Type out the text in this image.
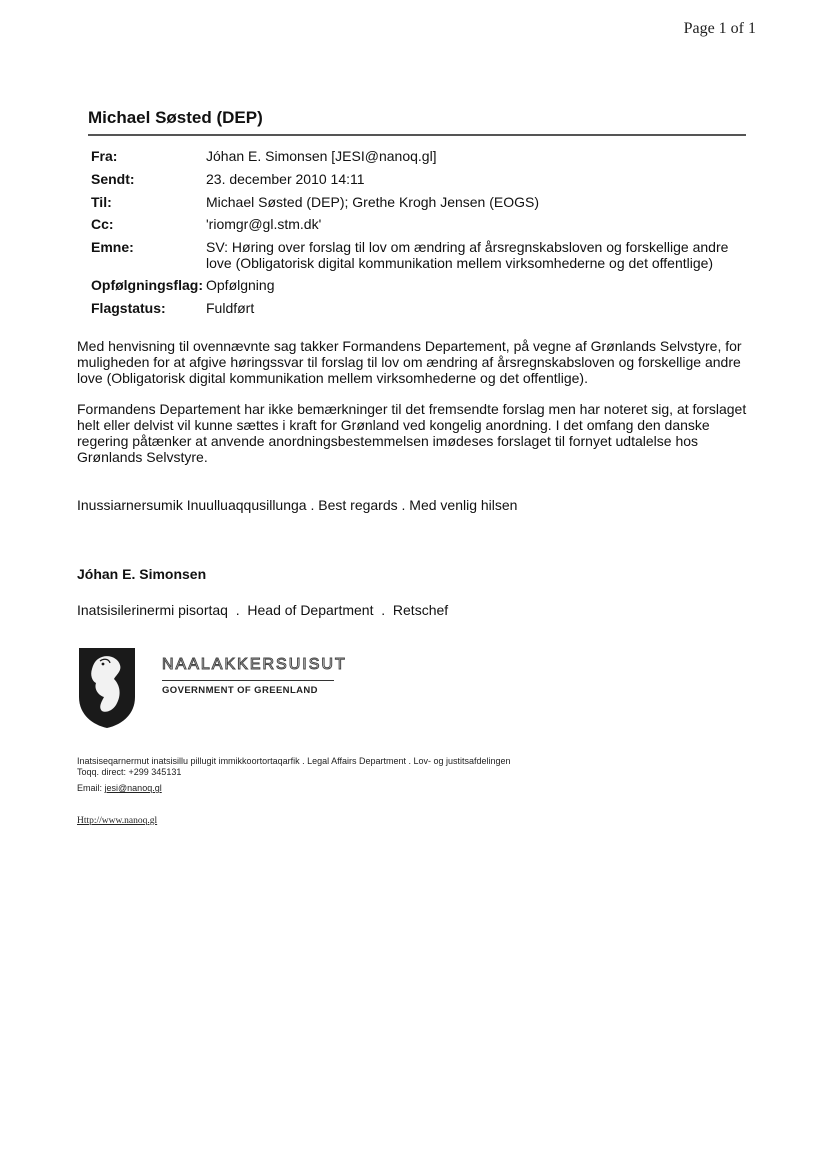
Page 1 of 1
Michael Søsted (DEP)
Fra:	Jóhan E. Simonsen [JESI@nanoq.gl]
Sendt:	23. december 2010 14:11
Til:	Michael Søsted (DEP); Grethe Krogh Jensen (EOGS)
Cc:	'riomgr@gl.stm.dk'
Emne:	SV: Høring over forslag til lov om ændring af årsregnskabsloven og forskellige andre love (Obligatorisk digital kommunikation mellem virksomhederne og det offentlige)
Opfølgningsflag: Opfølgning
Flagstatus:	Fuldført
Med henvisning til ovennævnte sag takker Formandens Departement, på vegne af Grønlands Selvstyre, for muligheden for at afgive høringssvar til forslag til lov om ændring af årsregnskabsloven og forskellige andre love (Obligatorisk digital kommunikation mellem virksomhederne og det offentlige).
Formandens Departement har ikke bemærkninger til det fremsendte forslag men har noteret sig, at forslaget helt eller delvist vil kunne sættes i kraft for Grønland ved kongelig anordning. I det omfang den danske regering påtænker at anvende anordningsbestemmelsen imødeses forslaget til fornyet udtalelse hos Grønlands Selvstyre.
Inussiarnersumik Inuulluaqqusillunga . Best regards . Med venlig hilsen
Jóhan E. Simonsen
Inatsisilerinermi pisortaq  .  Head of Department  .  Retschef
NAALAKKERSUISUT
GOVERNMENT OF GREENLAND
Inatsiseqarnermut inatsisillu pillugit immikkoortortaqarfik . Legal Affairs Department . Lov- og justitsafdelingen
Toqq. direct: +299 345131
Email: jesi@nanoq.gl
Http://www.nanoq.gl
